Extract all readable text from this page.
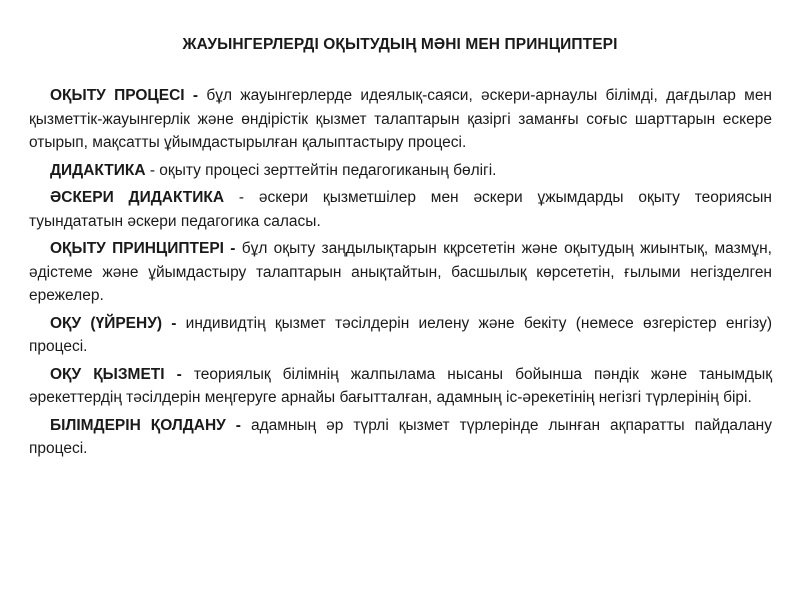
ЖАУЫНГЕРЛЕРДІ ОҚЫТУДЫҢ МӘНІ МЕН ПРИНЦИПТЕРІ

ОҚЫТУ ПРОЦЕСІ - бұл жауынгерлерде идеялық-саяси, әскери-арнаулы білімді, дағдылар мен қызметтік-жауынгерлік және өндірістік қызмет талаптарын қазіргі заманғы соғыс шарттарын ескере отырып, мақсатты ұйымдастырылған қалыптастыру процесі.

ДИДАКТИКА - оқыту процесі зерттейтін педагогиканың бөлігі.

ӘСКЕРИ ДИДАКТИКА - әскери қызметшілер мен әскери ұжымдарды оқыту теориясын туындататын әскери педагогика саласы.

ОҚЫТУ ПРИНЦИПТЕРІ - бұл оқыту заңдылықтарын кқрсететін және оқытудың жиынтық, мазмұн, әдістеме және ұйымдастыру талаптарын анықтайтын, басшылық көрсететін, ғылыми негізделген ережелер.

ОҚУ (ҮЙРЕНУ) - индивидтің қызмет тәсілдерін иелену және бекіту (немесе өзгерістер енгізу) процесі.

ОҚУ ҚЫЗМЕТІ - теориялық білімнің жалпылама нысаны бойынша пәндік және танымдық әрекеттердің тәсілдерін меңгеруге арнайы бағытталған, адамның іс-әрекетінің негізгі түрлерінің бірі.

БІЛІМДЕРІН ҚОЛДАНУ - адамның әр түрлі қызмет түрлерінде лынған ақпаратты пайдалану процесі.
